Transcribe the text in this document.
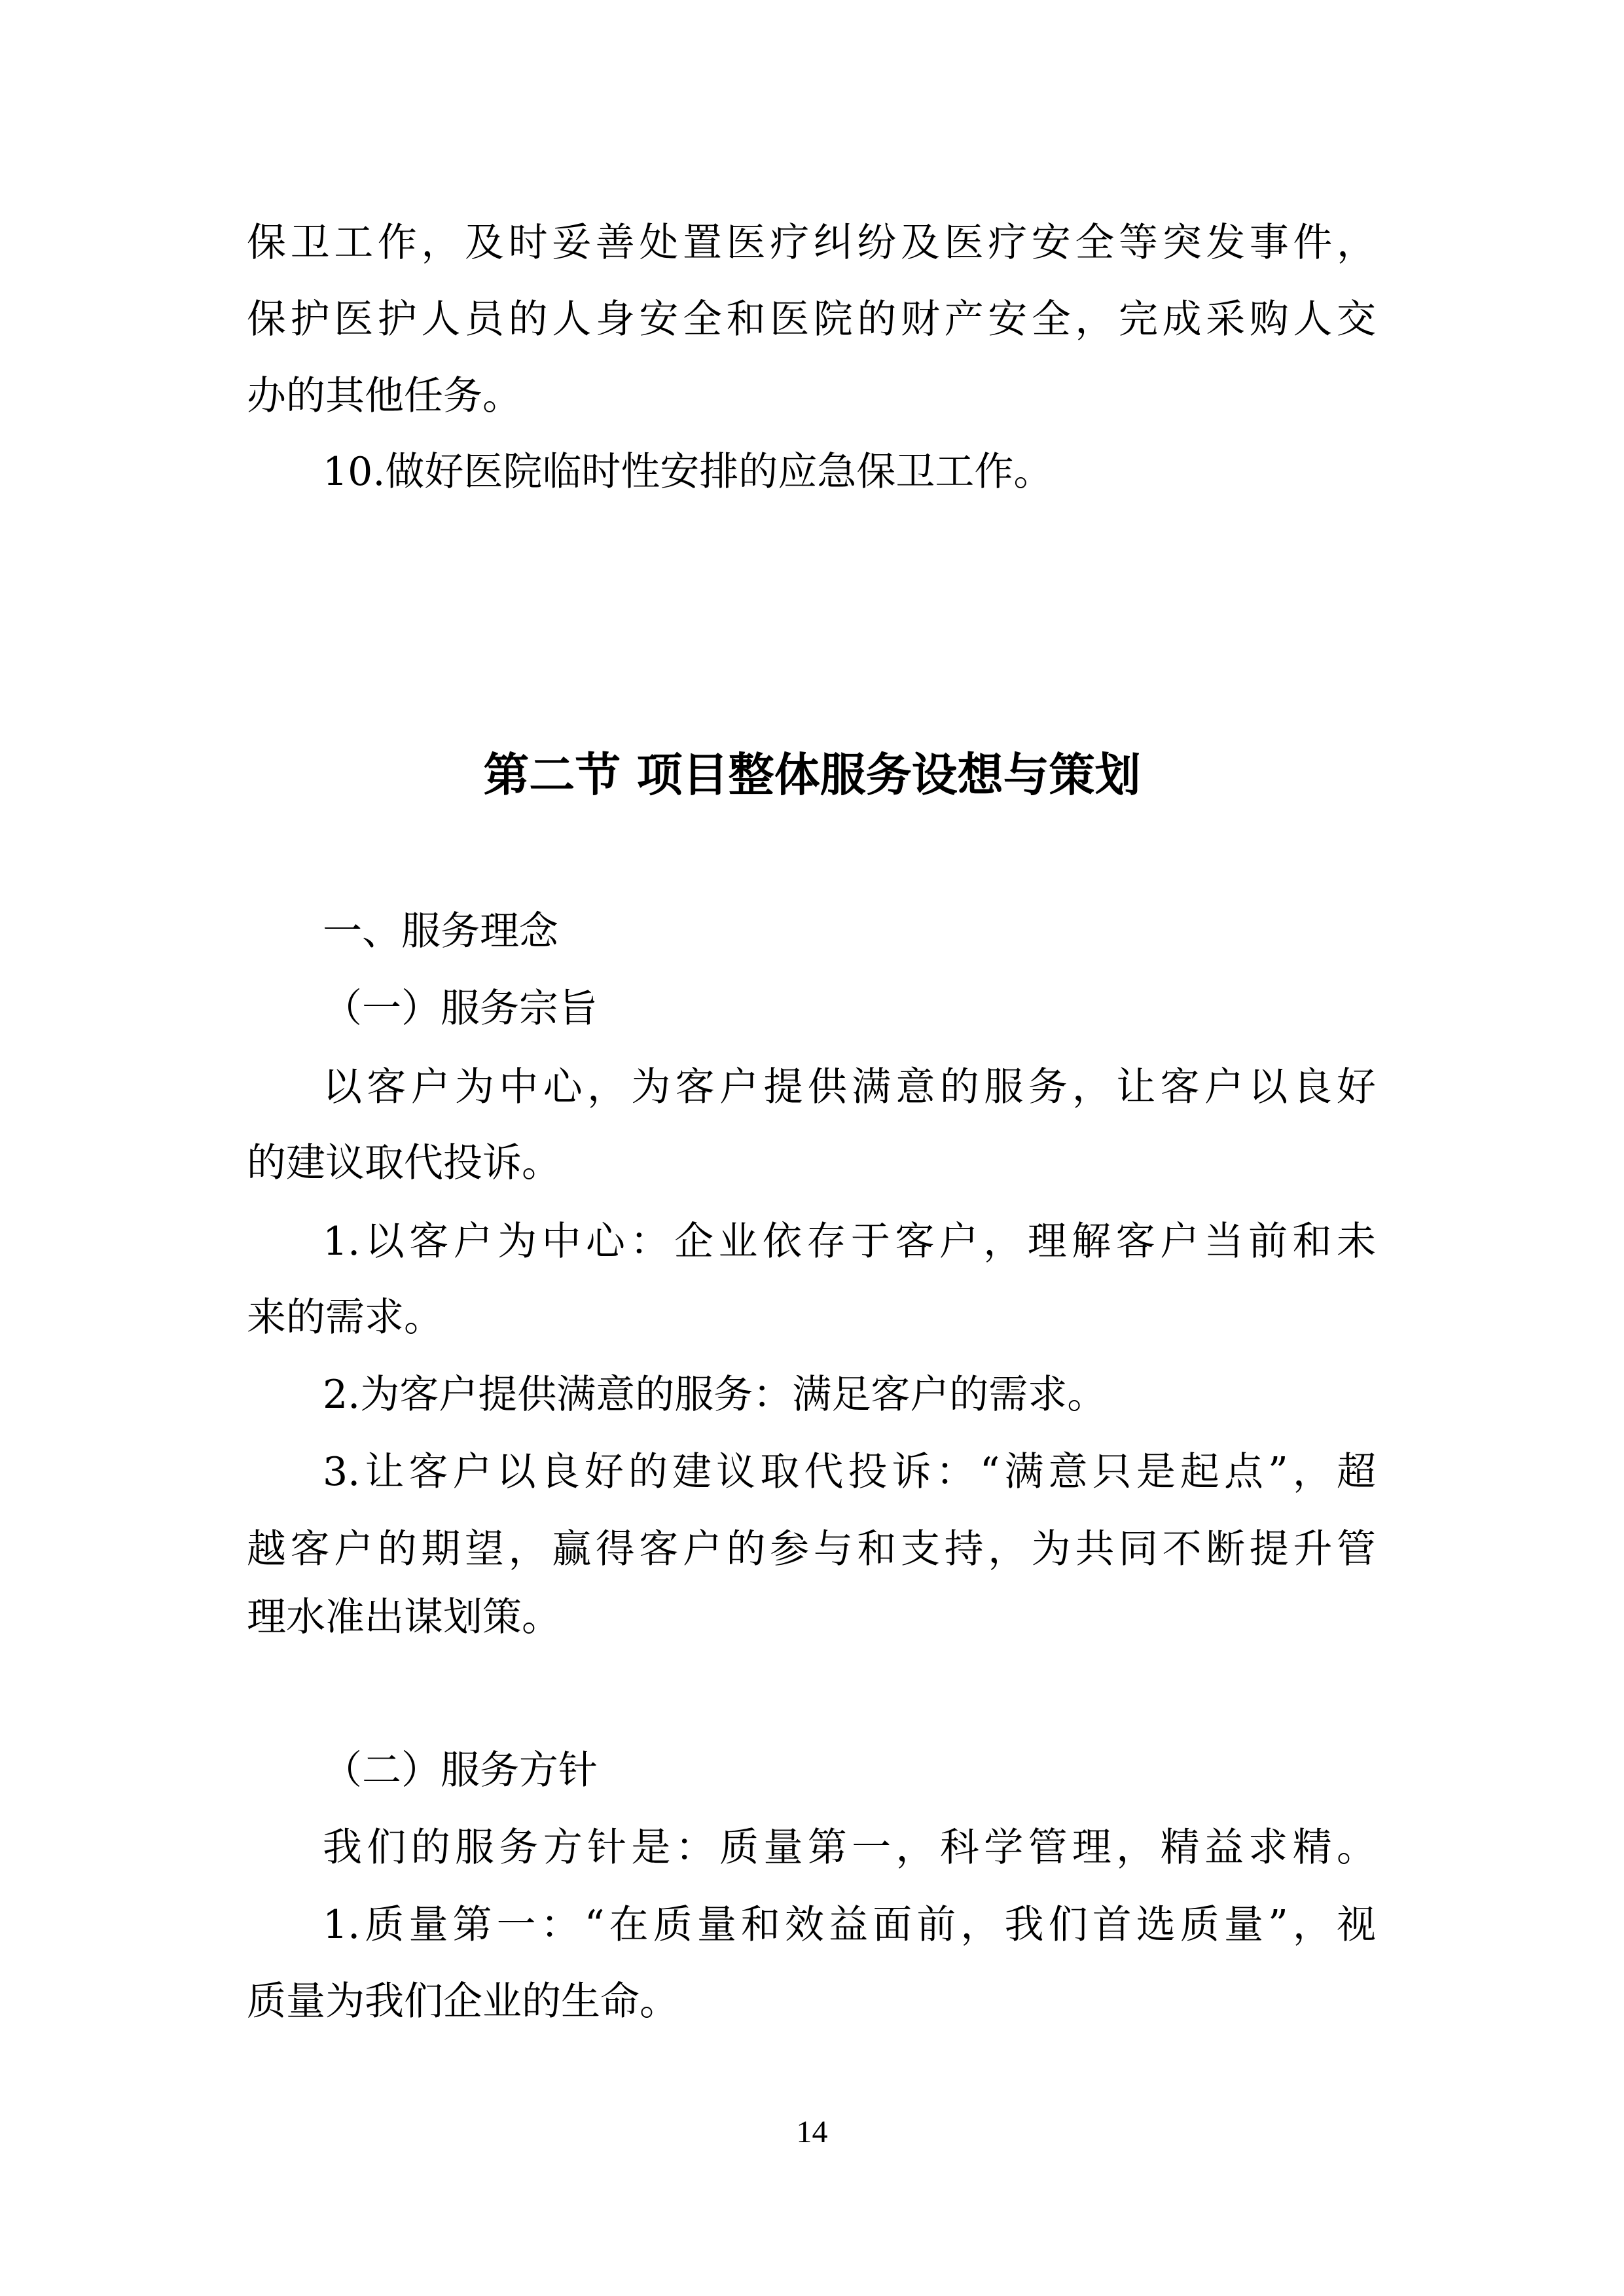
保卫工作，及时妥善处置医疗纠纷及医疗安全等突发事件，
保护医护人员的人身安全和医院的财产安全，完成采购人交
办的其他任务。
10.做好医院临时性安排的应急保卫工作。
第二节 项目整体服务设想与策划
一、服务理念
（一）服务宗旨
以客户为中心，为客户提供满意的服务，让客户以良好
的建议取代投诉。
1.以客户为中心：企业依存于客户，理解客户当前和未
来的需求。
2.为客户提供满意的服务：满足客户的需求。
3.让客户以良好的建议取代投诉：“满意只是起点”，超
越客户的期望，赢得客户的参与和支持，为共同不断提升管
理水准出谋划策。
（二）服务方针
我们的服务方针是：质量第一，科学管理，精益求精。
1.质量第一：“在质量和效益面前，我们首选质量”，视
质量为我们企业的生命。
14
